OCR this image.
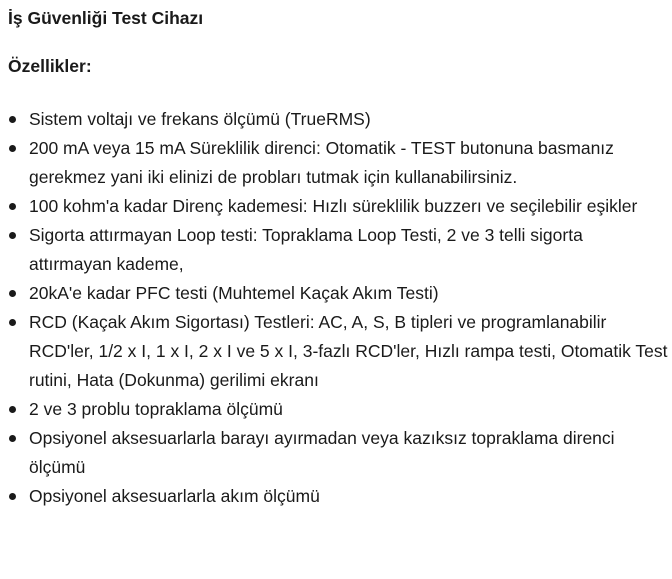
İş Güvenliği Test Cihazı
Özellikler:
Sistem voltajı ve frekans ölçümü (TrueRMS)
200 mA veya 15 mA Süreklilik direnci: Otomatik - TEST butonuna basmanız gerekmez yani iki elinizi de probları tutmak için kullanabilirsiniz.
100 kohm'a kadar Direnç kademesi: Hızlı süreklilik buzzerı ve seçilebilir eşikler
Sigorta attırmayan Loop testi: Topraklama Loop Testi, 2 ve 3 telli sigorta attırmayan kademe,
20kA'e kadar PFC testi (Muhtemel Kaçak Akım Testi)
RCD (Kaçak Akım Sigortası) Testleri: AC, A, S, B tipleri ve programlanabilir RCD'ler, 1/2 x I, 1 x I, 2 x I ve 5 x I, 3-fazlı RCD'ler, Hızlı rampa testi, Otomatik Test rutini, Hata (Dokunma) gerilimi ekranı
2 ve 3 problu topraklama ölçümü
Opsiyonel aksesuarlarla barayı ayırmadan veya kazıksız topraklama direnci ölçümü
Opsiyonel aksesuarlarla akım ölçümü
